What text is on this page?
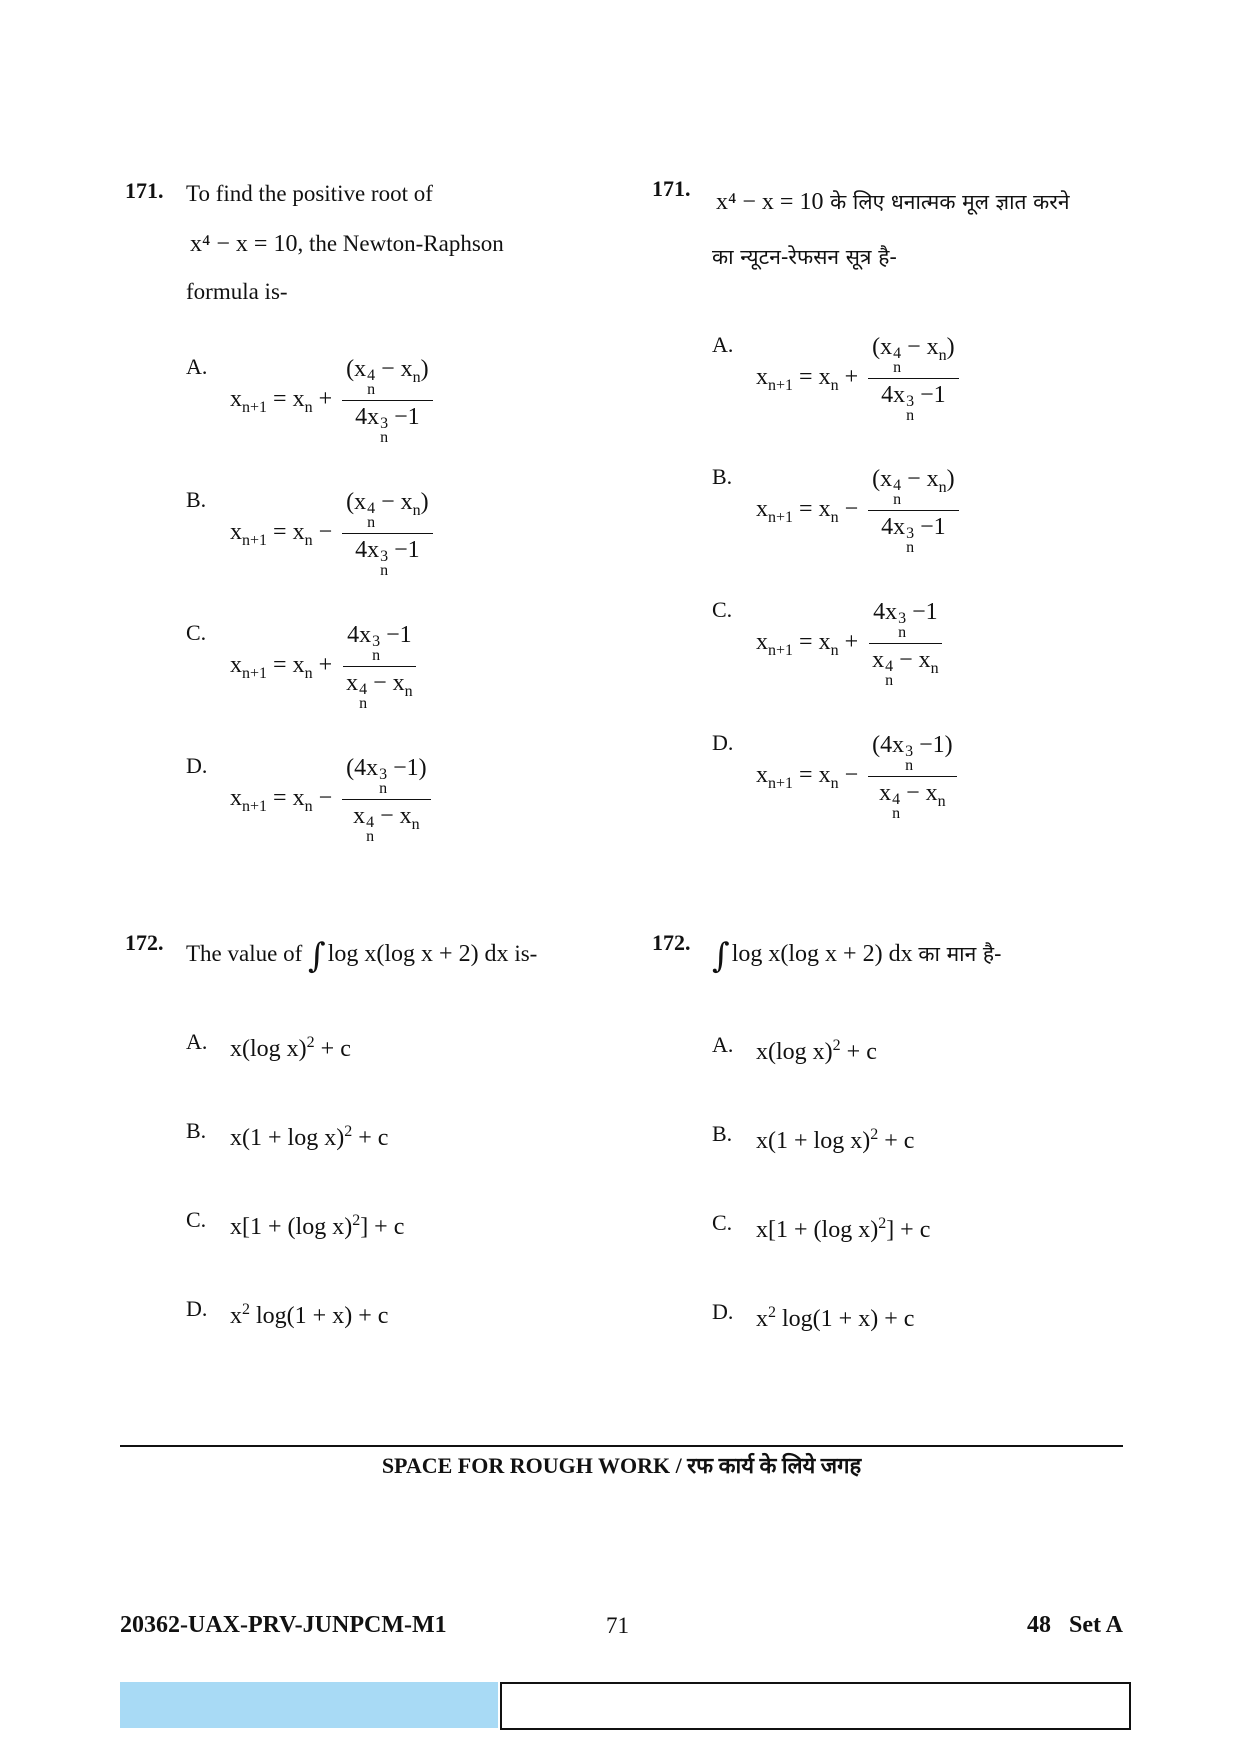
171. To find the positive root of
x⁴ − x = 10, the Newton-Raphson
formula is-
A.
$x_{n+1} = x_n + (x$ 4
n
− $x_n$)
4x 3
n
−1
B.
$x_{n+1} = x_n - (x$ 4
n
− $x_n$)
4x 3
n
−1
C.
$x_{n+1} = x_n + 4x$ 3
n
−1
x 4
n
− $x_n$
D.
$x_{n+1} = x_n - (4x$ 3
n
−1)
x 4
n
− $x_n$
171.
x⁴ − x = 10 के लिए धनात्मक मूल ज्ञात करने
का न्यूटन-रेफसन सूत्र है-
A.
$x_{n+1} = x_n + (x$ 4
n
− $x_n$)
4x 3
n
−1
B.
$x_{n+1} = x_n - (x$ 4
n
− $x_n$)
4x 3
n
−1
C.
$x_{n+1} = x_n + 4x$ 3
n
−1
x 4
n
− $x_n$
D.
$x_{n+1} = x_n - (4x$ 3
n
−1)
x 4
n
− $x_n$
172. The value of ∫log x(log x + 2) dx is-
A. x(log x)$^2$ + c
B. $x(1 + \log x)^2 + c$
C. x[1 + (log x)$^2$] + c
D. $x^2$ log(1 + x) + c
172. ∫log x(log x + 2) dx का मान है-
A. x(log x)$^2$ + c
B. $x(1 + \log x)^2 + c$
C. x[1 + (log x)$^2$] + c
D. $x^2$ log(1 + x) + c
SPACE FOR ROUGH WORK / रफ कार्य के लिये जगह
20362-UAX-PRV-JUNPCM-M1	71	48   Set A
